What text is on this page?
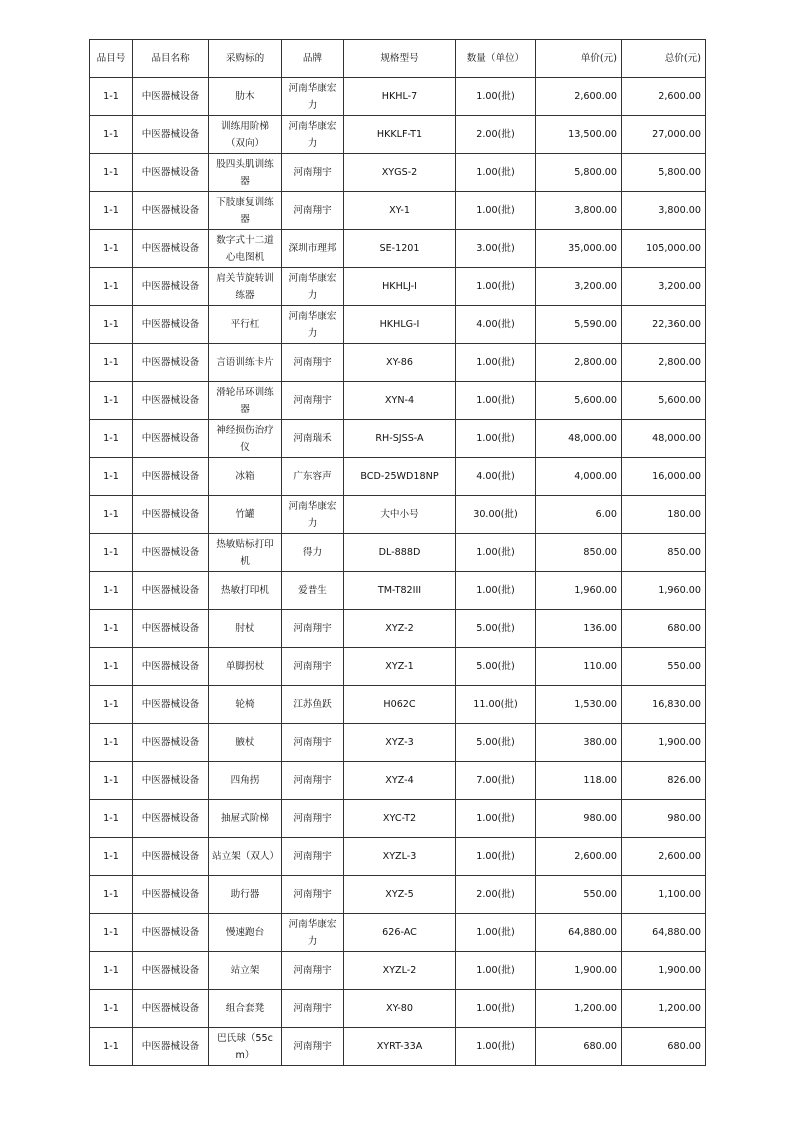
品目号	品目名称	采购标的	品牌	规格型号	数量（单位）	单价(元)	总价(元)
1-1	中医器械设备	肋木	河南华康宏力	HKHL-7	1.00(批)	2,600.00	2,600.00
1-1	中医器械设备	训练用阶梯（双向）	河南华康宏力	HKKLF-T1	2.00(批)	13,500.00	27,000.00
1-1	中医器械设备	股四头肌训练器	河南翔宇	XYGS-2	1.00(批)	5,800.00	5,800.00
1-1	中医器械设备	下肢康复训练器	河南翔宇	XY-1	1.00(批)	3,800.00	3,800.00
1-1	中医器械设备	数字式十二道心电图机	深圳市理邦	SE-1201	3.00(批)	35,000.00	105,000.00
1-1	中医器械设备	肩关节旋转训练器	河南华康宏力	HKHLJ-I	1.00(批)	3,200.00	3,200.00
1-1	中医器械设备	平行杠	河南华康宏力	HKHLG-I	4.00(批)	5,590.00	22,360.00
1-1	中医器械设备	言语训练卡片	河南翔宇	XY-86	1.00(批)	2,800.00	2,800.00
1-1	中医器械设备	滑轮吊环训练器	河南翔宇	XYN-4	1.00(批)	5,600.00	5,600.00
1-1	中医器械设备	神经损伤治疗仪	河南瑞禾	RH-SJSS-A	1.00(批)	48,000.00	48,000.00
1-1	中医器械设备	冰箱	广东容声	BCD-25WD18NP	4.00(批)	4,000.00	16,000.00
1-1	中医器械设备	竹罐	河南华康宏力	大中小号	30.00(批)	6.00	180.00
1-1	中医器械设备	热敏贴标打印机	得力	DL-888D	1.00(批)	850.00	850.00
1-1	中医器械设备	热敏打印机	爱普生	TM-T82III	1.00(批)	1,960.00	1,960.00
1-1	中医器械设备	肘杖	河南翔宇	XYZ-2	5.00(批)	136.00	680.00
1-1	中医器械设备	单脚拐杖	河南翔宇	XYZ-1	5.00(批)	110.00	550.00
1-1	中医器械设备	轮椅	江苏鱼跃	H062C	11.00(批)	1,530.00	16,830.00
1-1	中医器械设备	腋杖	河南翔宇	XYZ-3	5.00(批)	380.00	1,900.00
1-1	中医器械设备	四角拐	河南翔宇	XYZ-4	7.00(批)	118.00	826.00
1-1	中医器械设备	抽屉式阶梯	河南翔宇	XYC-T2	1.00(批)	980.00	980.00
1-1	中医器械设备	站立架（双人）	河南翔宇	XYZL-3	1.00(批)	2,600.00	2,600.00
1-1	中医器械设备	助行器	河南翔宇	XYZ-5	2.00(批)	550.00	1,100.00
1-1	中医器械设备	慢速跑台	河南华康宏力	626-AC	1.00(批)	64,880.00	64,880.00
1-1	中医器械设备	站立架	河南翔宇	XYZL-2	1.00(批)	1,900.00	1,900.00
1-1	中医器械设备	组合套凳	河南翔宇	XY-80	1.00(批)	1,200.00	1,200.00
1-1	中医器械设备	巴氏球（55cm）	河南翔宇	XYRT-33A	1.00(批)	680.00	680.00
